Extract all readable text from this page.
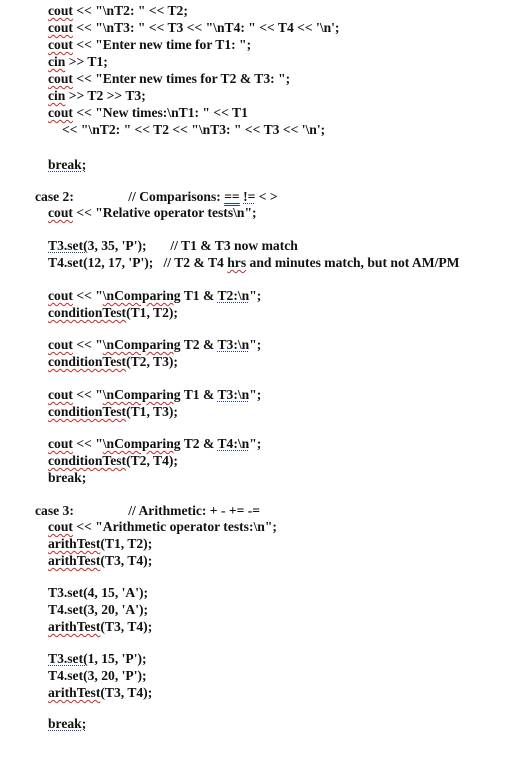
cout << "\nT2: " << T2;
cout << "\nT3: " << T3 << "\nT4: " << T4 << '\n';
cout << "Enter new time for T1: ";
cin >> T1;
cout << "Enter new times for T2 & T3: ";
cin >> T2 >> T3;
cout << "New times:\nT1: " << T1
<< "\nT2: " << T2 << "\nT3: " << T3 << '\n';
break;
case 2:                // Comparisons: == != < >
cout << "Relative operator tests\n";
T3.set(3, 35, 'P');       // T1 & T3 now match
T4.set(12, 17, 'P');   // T2 & T4 hrs and minutes match, but not AM/PM
cout << "\nComparing T1 & T2:\n";
conditionTest(T1, T2);
cout << "\nComparing T2 & T3:\n";
conditionTest(T2, T3);
cout << "\nComparing T1 & T3:\n";
conditionTest(T1, T3);
cout << "\nComparing T2 & T4:\n";
conditionTest(T2, T4);
break;
case 3:                // Arithmetic: + - += -=
cout << "Arithmetic operator tests:\n";
arithTest(T1, T2);
arithTest(T3, T4);
T3.set(4, 15, 'A');
T4.set(3, 20, 'A');
arithTest(T3, T4);
T3.set(1, 15, 'P');
T4.set(3, 20, 'P');
arithTest(T3, T4);
break;
